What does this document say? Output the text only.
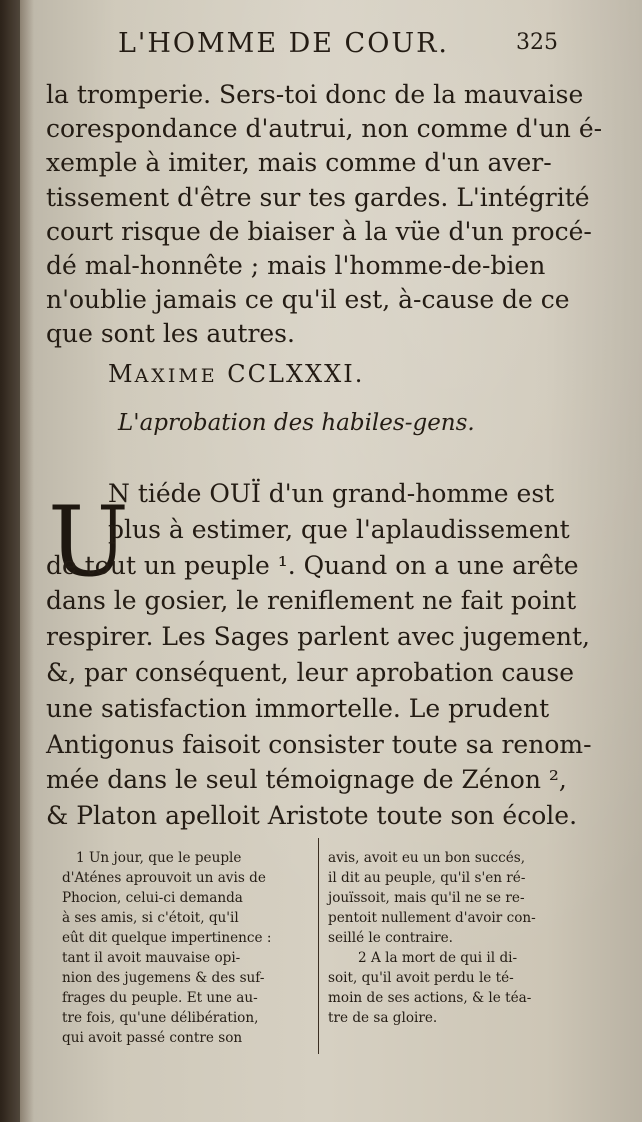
L'HOMME DE COUR.	325
la tromperie. Sers-toi donc de la mauvaise
corespondance d'autrui, non comme d'un é-
xemple à imiter, mais comme d'un aver-
tissement d'être sur tes gardes. L'intégrité
court risque de biaiser à la vüe d'un procé-
dé mal-honnête ; mais l'homme-de-bien
n'oublie jamais ce qu'il est, à-cause de ce
que sont les autres.
MAXIME CCLXXXI.
L'aprobation des habiles-gens.
U
N tiéde OUÏ d'un grand-homme est
plus à estimer, que l'aplaudissement
de tout un peuple ¹. Quand on a une arête
dans le gosier, le reniflement ne fait point
respirer. Les Sages parlent avec jugement,
&, par conséquent, leur aprobation cause
une satisfaction immortelle. Le prudent
Antigonus faisoit consister toute sa renom-
mée dans le seul témoignage de Zénon ²,
& Platon apelloit Aristote toute son école.
1 Un jour, que le peuple
d'Aténes aprouvoit un avis de
Phocion, celui-ci demanda
à ses amis, si c'étoit, qu'il
eût dit quelque impertinence :
tant il avoit mauvaise opi-
nion des jugemens & des suf-
frages du peuple. Et une au-
tre fois, qu'une délibération,
qui avoit passé contre son
avis, avoit eu un bon succés,
il dit au peuple, qu'il s'en ré-
jouïssoit, mais qu'il ne se re-
pentoit nullement d'avoir con-
seillé le contraire.
2 A la mort de qui il di-
soit, qu'il avoit perdu le té-
moin de ses actions, & le téa-
tre de sa gloire.
